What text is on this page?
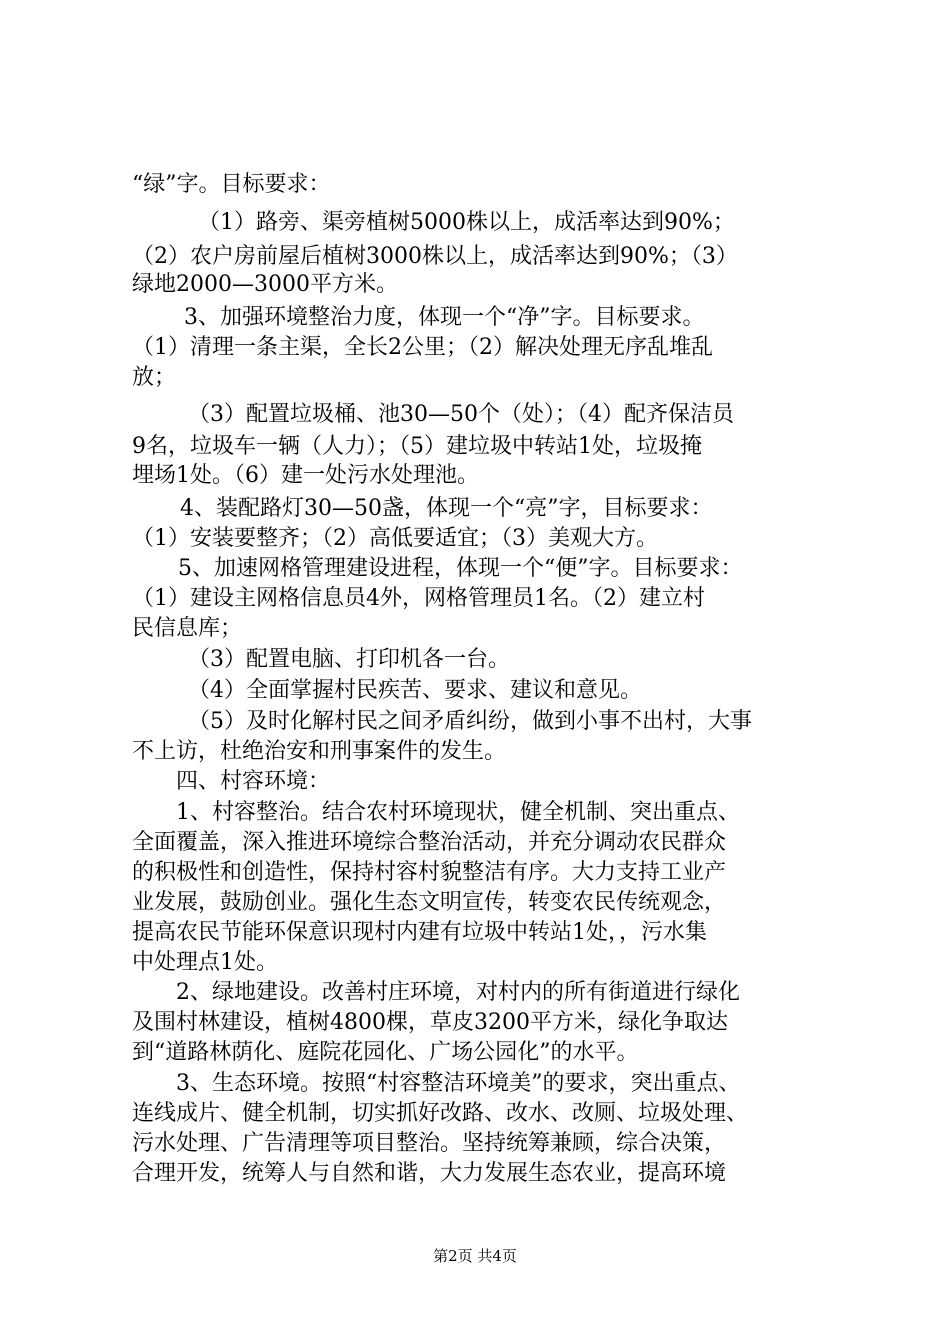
“绿”字。目标要求：
（1）路旁、渠旁植树5000株以上，成活率达到90%；
（2）农户房前屋后植树3000株以上，成活率达到90%；（3）
绿地2000—3000平方米。
3、加强环境整治力度，体现一个“净”字。目标要求。
（1）清理一条主渠，全长2公里；（2）解决处理无序乱堆乱
放；
（3）配置垃圾桶、池30—50个（处）；（4）配齐保洁员
9名，垃圾车一辆（人力）；（5）建垃圾中转站1处，垃圾掩
埋场1处。（6）建一处污水处理池。
4、装配路灯30—50盏，体现一个“亮”字，目标要求：
（1）安装要整齐；（2）高低要适宜；（3）美观大方。
5、加速网格管理建设进程，体现一个“便”字。目标要求：
（1）建设主网格信息员4外，网格管理员1名。（2）建立村
民信息库；
（3）配置电脑、打印机各一台。
（4）全面掌握村民疾苦、要求、建议和意见。
（5）及时化解村民之间矛盾纠纷，做到小事不出村，大事
不上访，杜绝治安和刑事案件的发生。
四、村容环境：
1、村容整治。结合农村环境现状，健全机制、突出重点、
全面覆盖，深入推进环境综合整治活动，并充分调动农民群众
的积极性和创造性，保持村容村貌整洁有序。大力支持工业产
业发展，鼓励创业。强化生态文明宣传，转变农民传统观念，
提高农民节能环保意识现村内建有垃圾中转站1处，，污水集
中处理点1处。
2、绿地建设。改善村庄环境，对村内的所有街道进行绿化
及围村林建设，植树4800棵，草皮3200平方米，绿化争取达
到“道路林荫化、庭院花园化、广场公园化”的水平。
3、生态环境。按照“村容整洁环境美”的要求，突出重点、
连线成片、健全机制，切实抓好改路、改水、改厕、垃圾处理、
污水处理、广告清理等项目整治。坚持统筹兼顾，综合决策，
合理开发，统筹人与自然和谐，大力发展生态农业，提高环境
第2页 共4页
